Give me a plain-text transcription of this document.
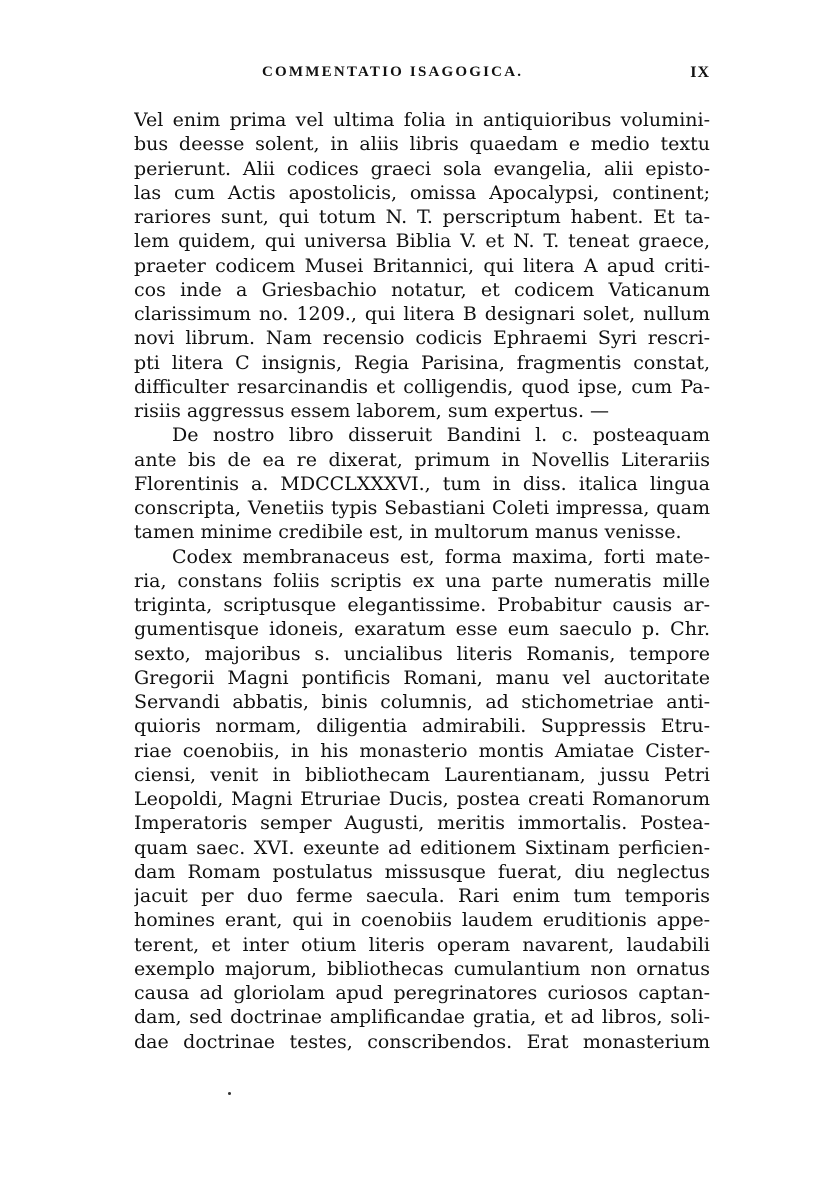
COMMENTATIO ISAGOGICA.	IX
Vel enim prima vel ultima folia in antiquioribus volumini-
bus deesse solent, in aliis libris quaedam e medio textu
perierunt. Alii codices graeci sola evangelia, alii episto-
las cum Actis apostolicis, omissa Apocalypsi, continent;
rariores sunt, qui totum N. T. perscriptum habent. Et ta-
lem quidem, qui universa Biblia V. et N. T. teneat graece,
praeter codicem Musei Britannici, qui litera A apud criti-
cos inde a Griesbachio notatur, et codicem Vaticanum
clarissimum no. 1209., qui litera B designari solet, nullum
novi librum. Nam recensio codicis Ephraemi Syri rescri-
pti litera C insignis, Regia Parisina, fragmentis constat,
difficulter resarcinandis et colligendis, quod ipse, cum Pa-
risiis aggressus essem laborem, sum expertus. —
De nostro libro disseruit Bandini l. c. posteaquam
ante bis de ea re dixerat, primum in Novellis Literariis
Florentinis a. MDCCLXXXVI., tum in diss. italica lingua
conscripta, Venetiis typis Sebastiani Coleti impressa, quam
tamen minime credibile est, in multorum manus venisse.
Codex membranaceus est, forma maxima, forti mate-
ria, constans foliis scriptis ex una parte numeratis mille
triginta, scriptusque elegantissime. Probabitur causis ar-
gumentisque idoneis, exaratum esse eum saeculo p. Chr.
sexto, majoribus s. uncialibus literis Romanis, tempore
Gregorii Magni pontificis Romani, manu vel auctoritate
Servandi abbatis, binis columnis, ad stichometriae anti-
quioris normam, diligentia admirabili. Suppressis Etru-
riae coenobiis, in his monasterio montis Amiatae Cister-
ciensi, venit in bibliothecam Laurentianam, jussu Petri
Leopoldi, Magni Etruriae Ducis, postea creati Romanorum
Imperatoris semper Augusti, meritis immortalis. Postea-
quam saec. XVI. exeunte ad editionem Sixtinam perficien-
dam Romam postulatus missusque fuerat, diu neglectus
jacuit per duo ferme saecula. Rari enim tum temporis
homines erant, qui in coenobiis laudem eruditionis appe-
terent, et inter otium literis operam navarent, laudabili
exemplo majorum, bibliothecas cumulantium non ornatus
causa ad gloriolam apud peregrinatores curiosos captan-
dam, sed doctrinae amplificandae gratia, et ad libros, soli-
dae doctrinae testes, conscribendos. Erat monasterium
